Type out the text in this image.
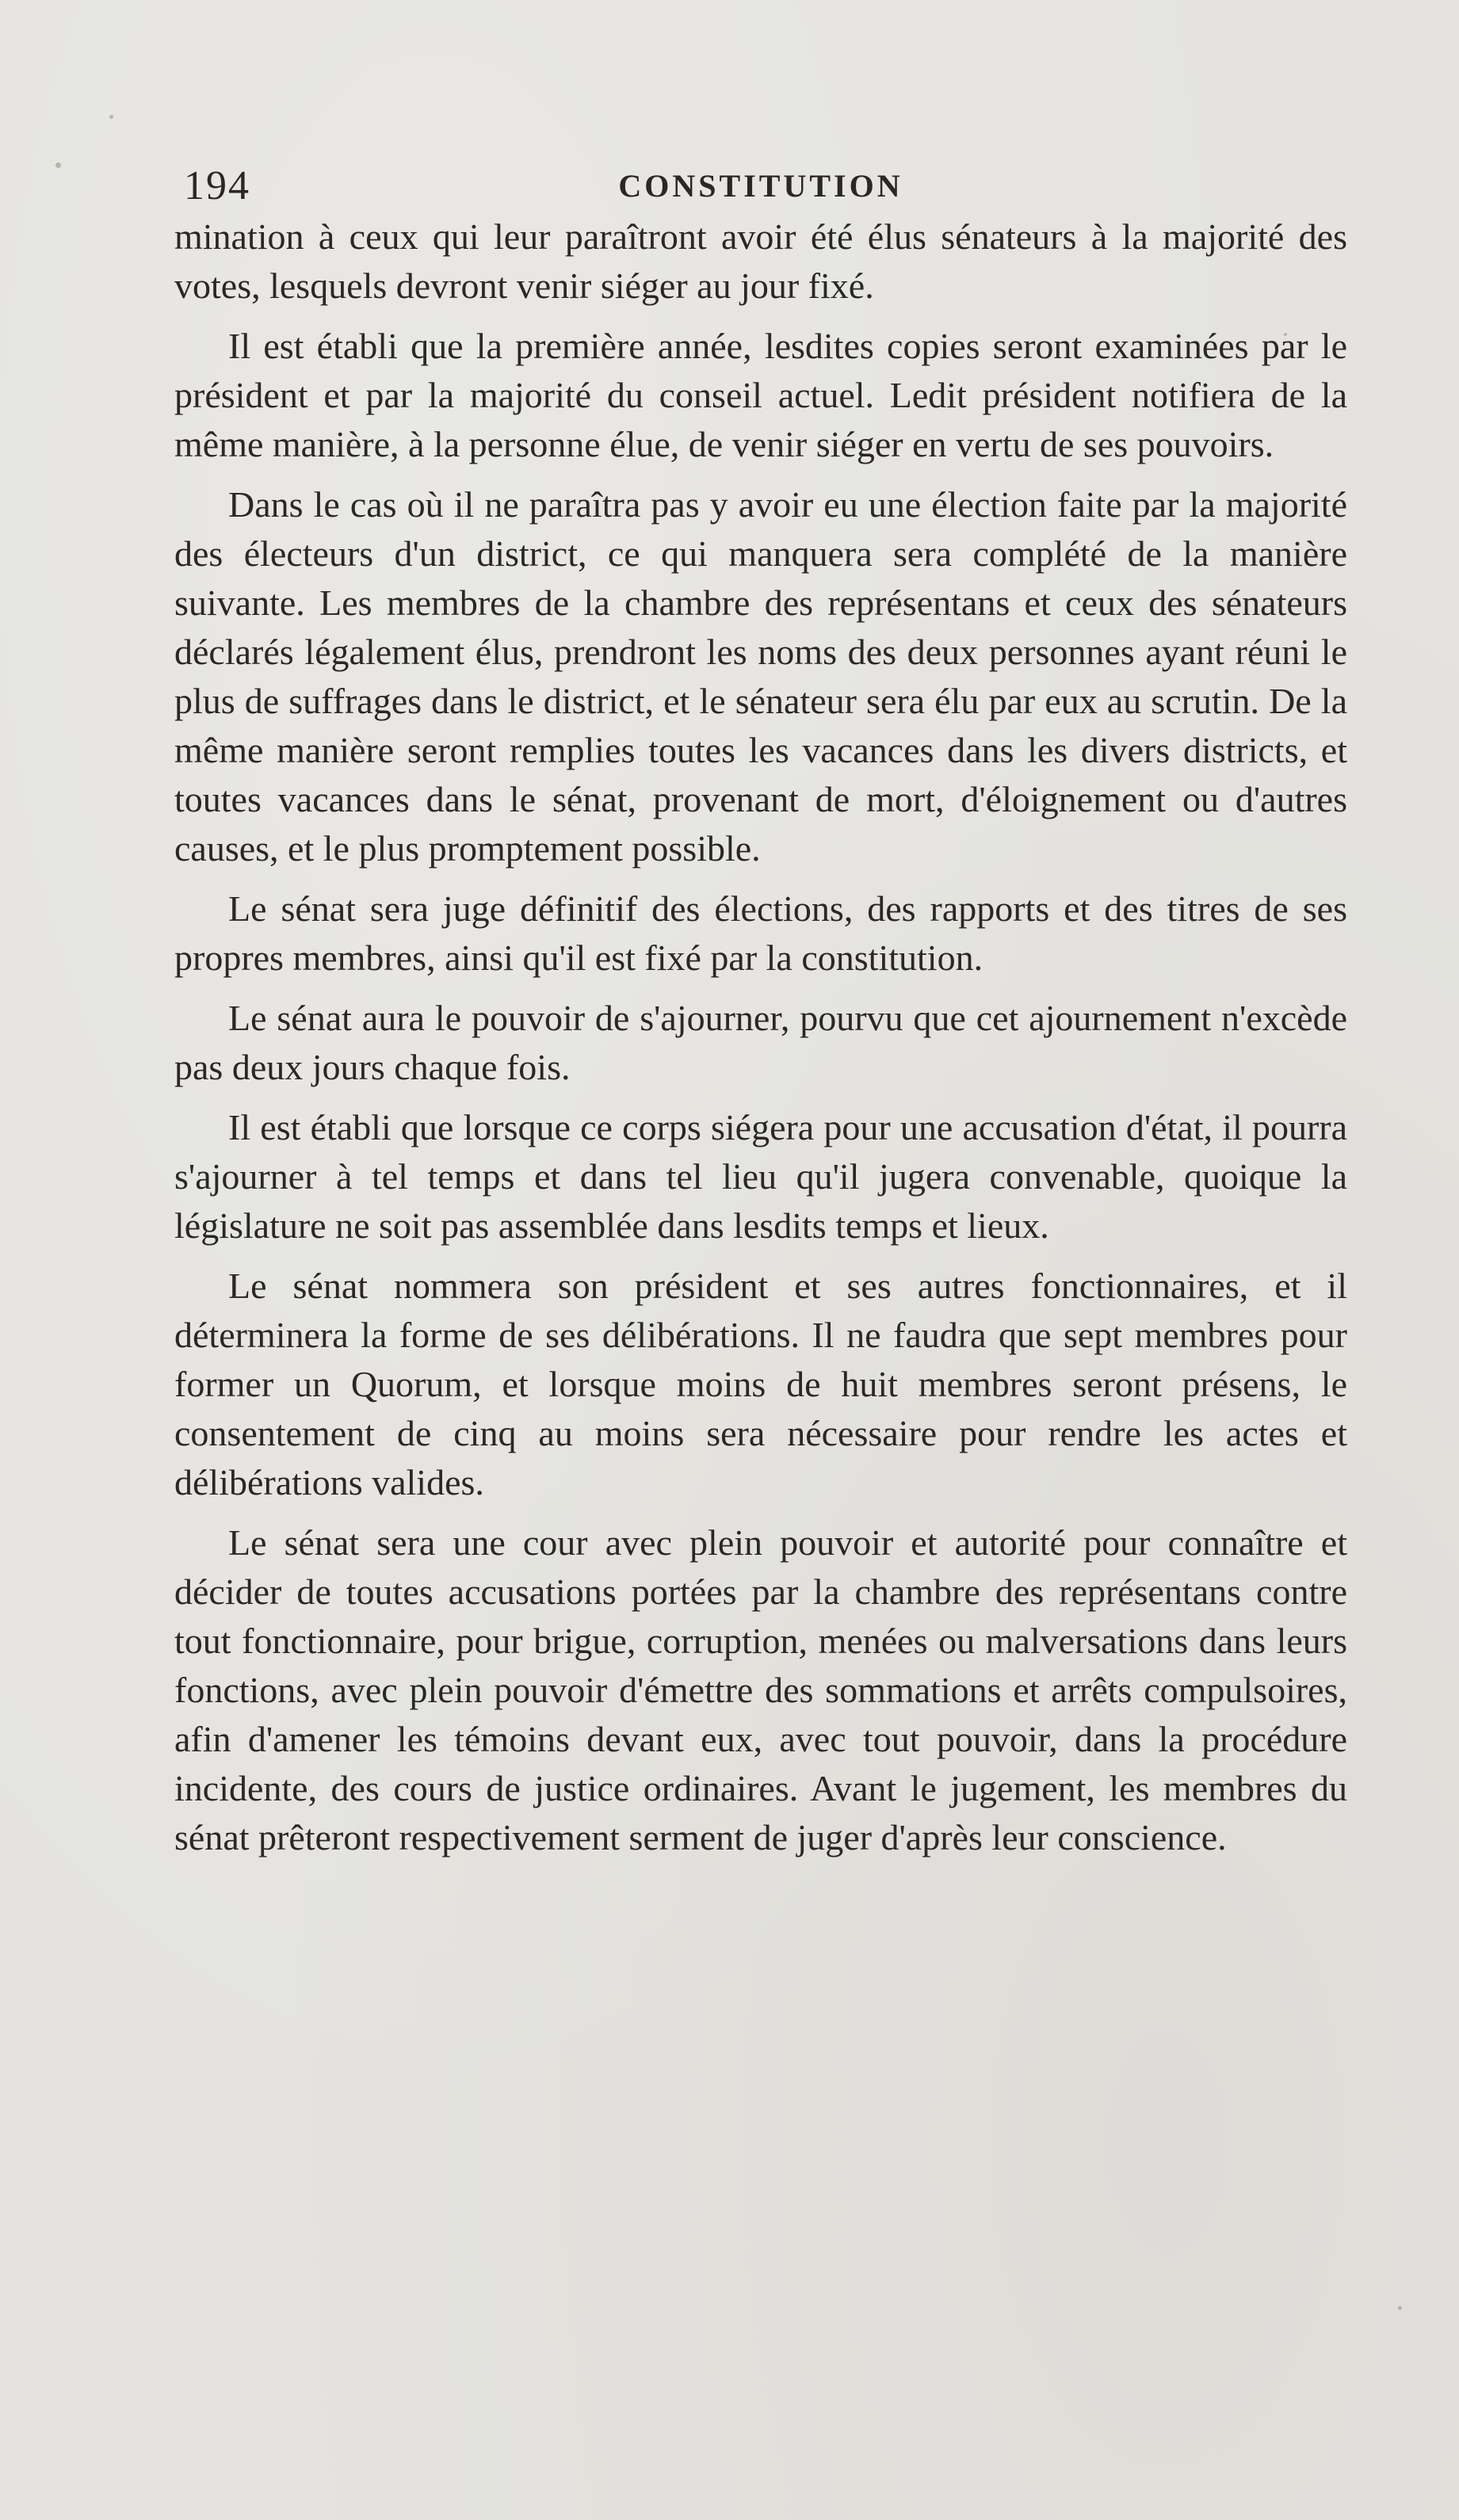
194	CONSTITUTION

mination à ceux qui leur paraîtront avoir été élus sénateurs à la majorité des votes, lesquels devront venir siéger au jour fixé.

Il est établi que la première année, lesdites copies seront examinées par le président et par la majorité du conseil actuel. Ledit président notifiera de la même manière, à la personne élue, de venir siéger en vertu de ses pouvoirs.

Dans le cas où il ne paraîtra pas y avoir eu une élection faite par la majorité des électeurs d'un district, ce qui manquera sera complété de la manière suivante. Les membres de la chambre des représentans et ceux des sénateurs déclarés légalement élus, prendront les noms des deux personnes ayant réuni le plus de suffrages dans le district, et le sénateur sera élu par eux au scrutin. De la même manière seront remplies toutes les vacances dans les divers districts, et toutes vacances dans le sénat, provenant de mort, d'éloignement ou d'autres causes, et le plus promptement possible.

Le sénat sera juge définitif des élections, des rapports et des titres de ses propres membres, ainsi qu'il est fixé par la constitution.

Le sénat aura le pouvoir de s'ajourner, pourvu que cet ajournement n'excède pas deux jours chaque fois.

Il est établi que lorsque ce corps siégera pour une accusation d'état, il pourra s'ajourner à tel temps et dans tel lieu qu'il jugera convenable, quoique la législature ne soit pas assemblée dans lesdits temps et lieux.

Le sénat nommera son président et ses autres fonctionnaires, et il déterminera la forme de ses délibérations. Il ne faudra que sept membres pour former un Quorum, et lorsque moins de huit membres seront présens, le consentement de cinq au moins sera nécessaire pour rendre les actes et délibérations valides.

Le sénat sera une cour avec plein pouvoir et autorité pour connaître et décider de toutes accusations portées par la chambre des représentans contre tout fonctionnaire, pour brigue, corruption, menées ou malversations dans leurs fonctions, avec plein pouvoir d'émettre des sommations et arrêts compulsoires, afin d'amener les témoins devant eux, avec tout pouvoir, dans la procédure incidente, des cours de justice ordinaires. Avant le jugement, les membres du sénat prêteront respectivement serment de juger d'après leur conscience.
